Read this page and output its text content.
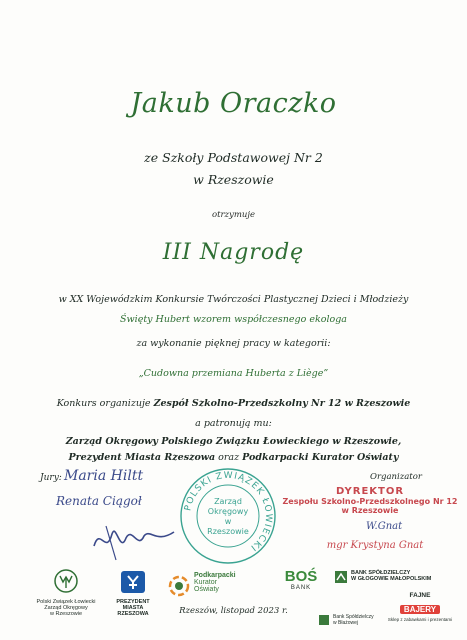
Jakub Oraczko
ze Szkoły Podstawowej Nr 2
w Rzeszowie
otrzymuje
III Nagrodę
w XX Wojewódzkim Konkursie Twórczości Plastycznej Dzieci i Młodzieży
Święty Hubert wzorem współczesnego ekologa
za wykonanie pięknej pracy w kategorii:
„Cudowna przemiana Huberta z Liège”
Konkurs organizuje Zespół Szkolno-Przedszkolny Nr 12 w Rzeszowie
a patronują mu:
Zarząd Okręgowy Polskiego Związku Łowieckiego w Rzeszowie,
Prezydent Miasta Rzeszowa oraz Podkarpacki Kurator Oświaty
Jury: Maria Hiltt
Renata Ciągoł	POLSKI ZWIĄZEK ŁOWIECKI
Zarząd
Okręgowy
w
Rzeszowie
Organizator
DYREKTOR
Zespołu Szkolno-Przedszkolnego Nr 12
w Rzeszowie
W.Gnat
mgr Krystyna Gnat
Polski Związek Łowiecki
Zarząd Okręgowy
w Rzeszowie
PREZYDENT
MIASTA
RZESZOWA
Podkarpacki
Kurator
Oświaty
BOŚ
BANK
BANK SPÓŁDZIELCZY
W GŁOGOWIE MAŁOPOLSKIM
FAJNE
BAJERY
Sklep z zabawkami i prezentami
Bank Spółdzielczy
w Błażowej
Rzeszów, listopad 2023 r.
